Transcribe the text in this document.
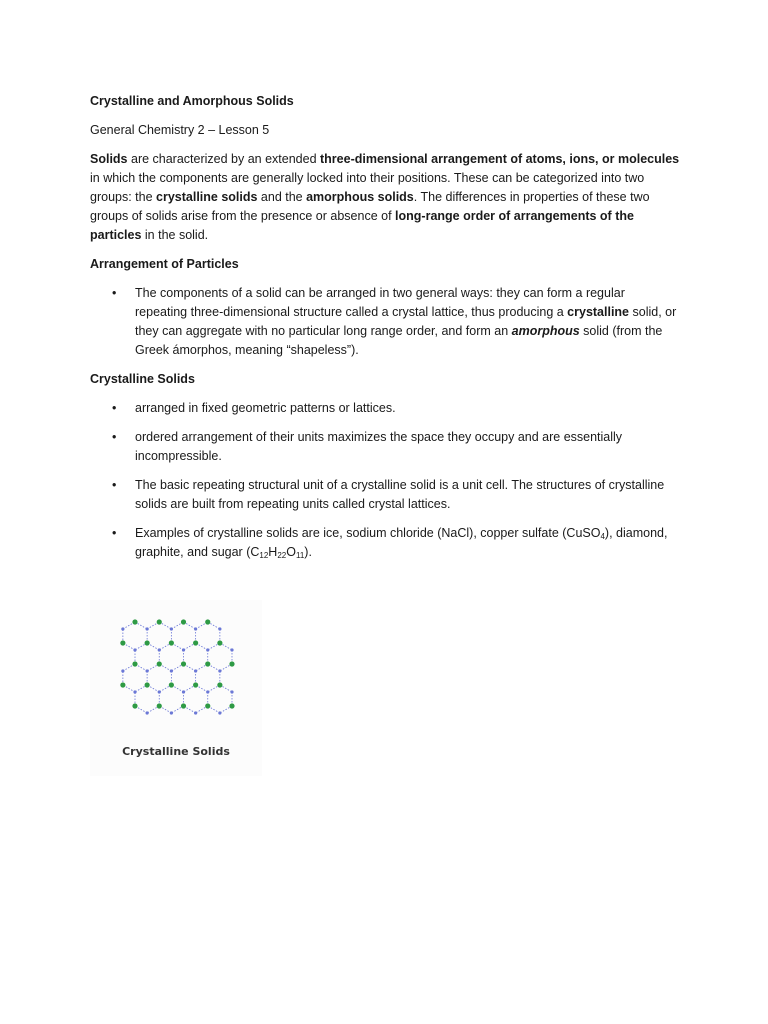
Crystalline and Amorphous Solids

General Chemistry 2 – Lesson 5

Solids are characterized by an extended three-dimensional arrangement of atoms, ions, or molecules in which the components are generally locked into their positions. These can be categorized into two groups: the crystalline solids and the amorphous solids. The differences in properties of these two groups of solids arise from the presence or absence of long-range order of arrangements of the particles in the solid.

Arrangement of Particles

• The components of a solid can be arranged in two general ways: they can form a regular repeating three-dimensional structure called a crystal lattice, thus producing a crystalline solid, or they can aggregate with no particular long range order, and form an amorphous solid (from the Greek ámorphos, meaning “shapeless”).

Crystalline Solids

• arranged in fixed geometric patterns or lattices.
• ordered arrangement of their units maximizes the space they occupy and are essentially incompressible.
• The basic repeating structural unit of a crystalline solid is a unit cell. The structures of crystalline solids are built from repeating units called crystal lattices.
• Examples of crystalline solids are ice, sodium chloride (NaCl), copper sulfate (CuSO$_4$), diamond, graphite, and sugar $(C_{12}H_{22}O_{11})$.
Crystalline Solids
